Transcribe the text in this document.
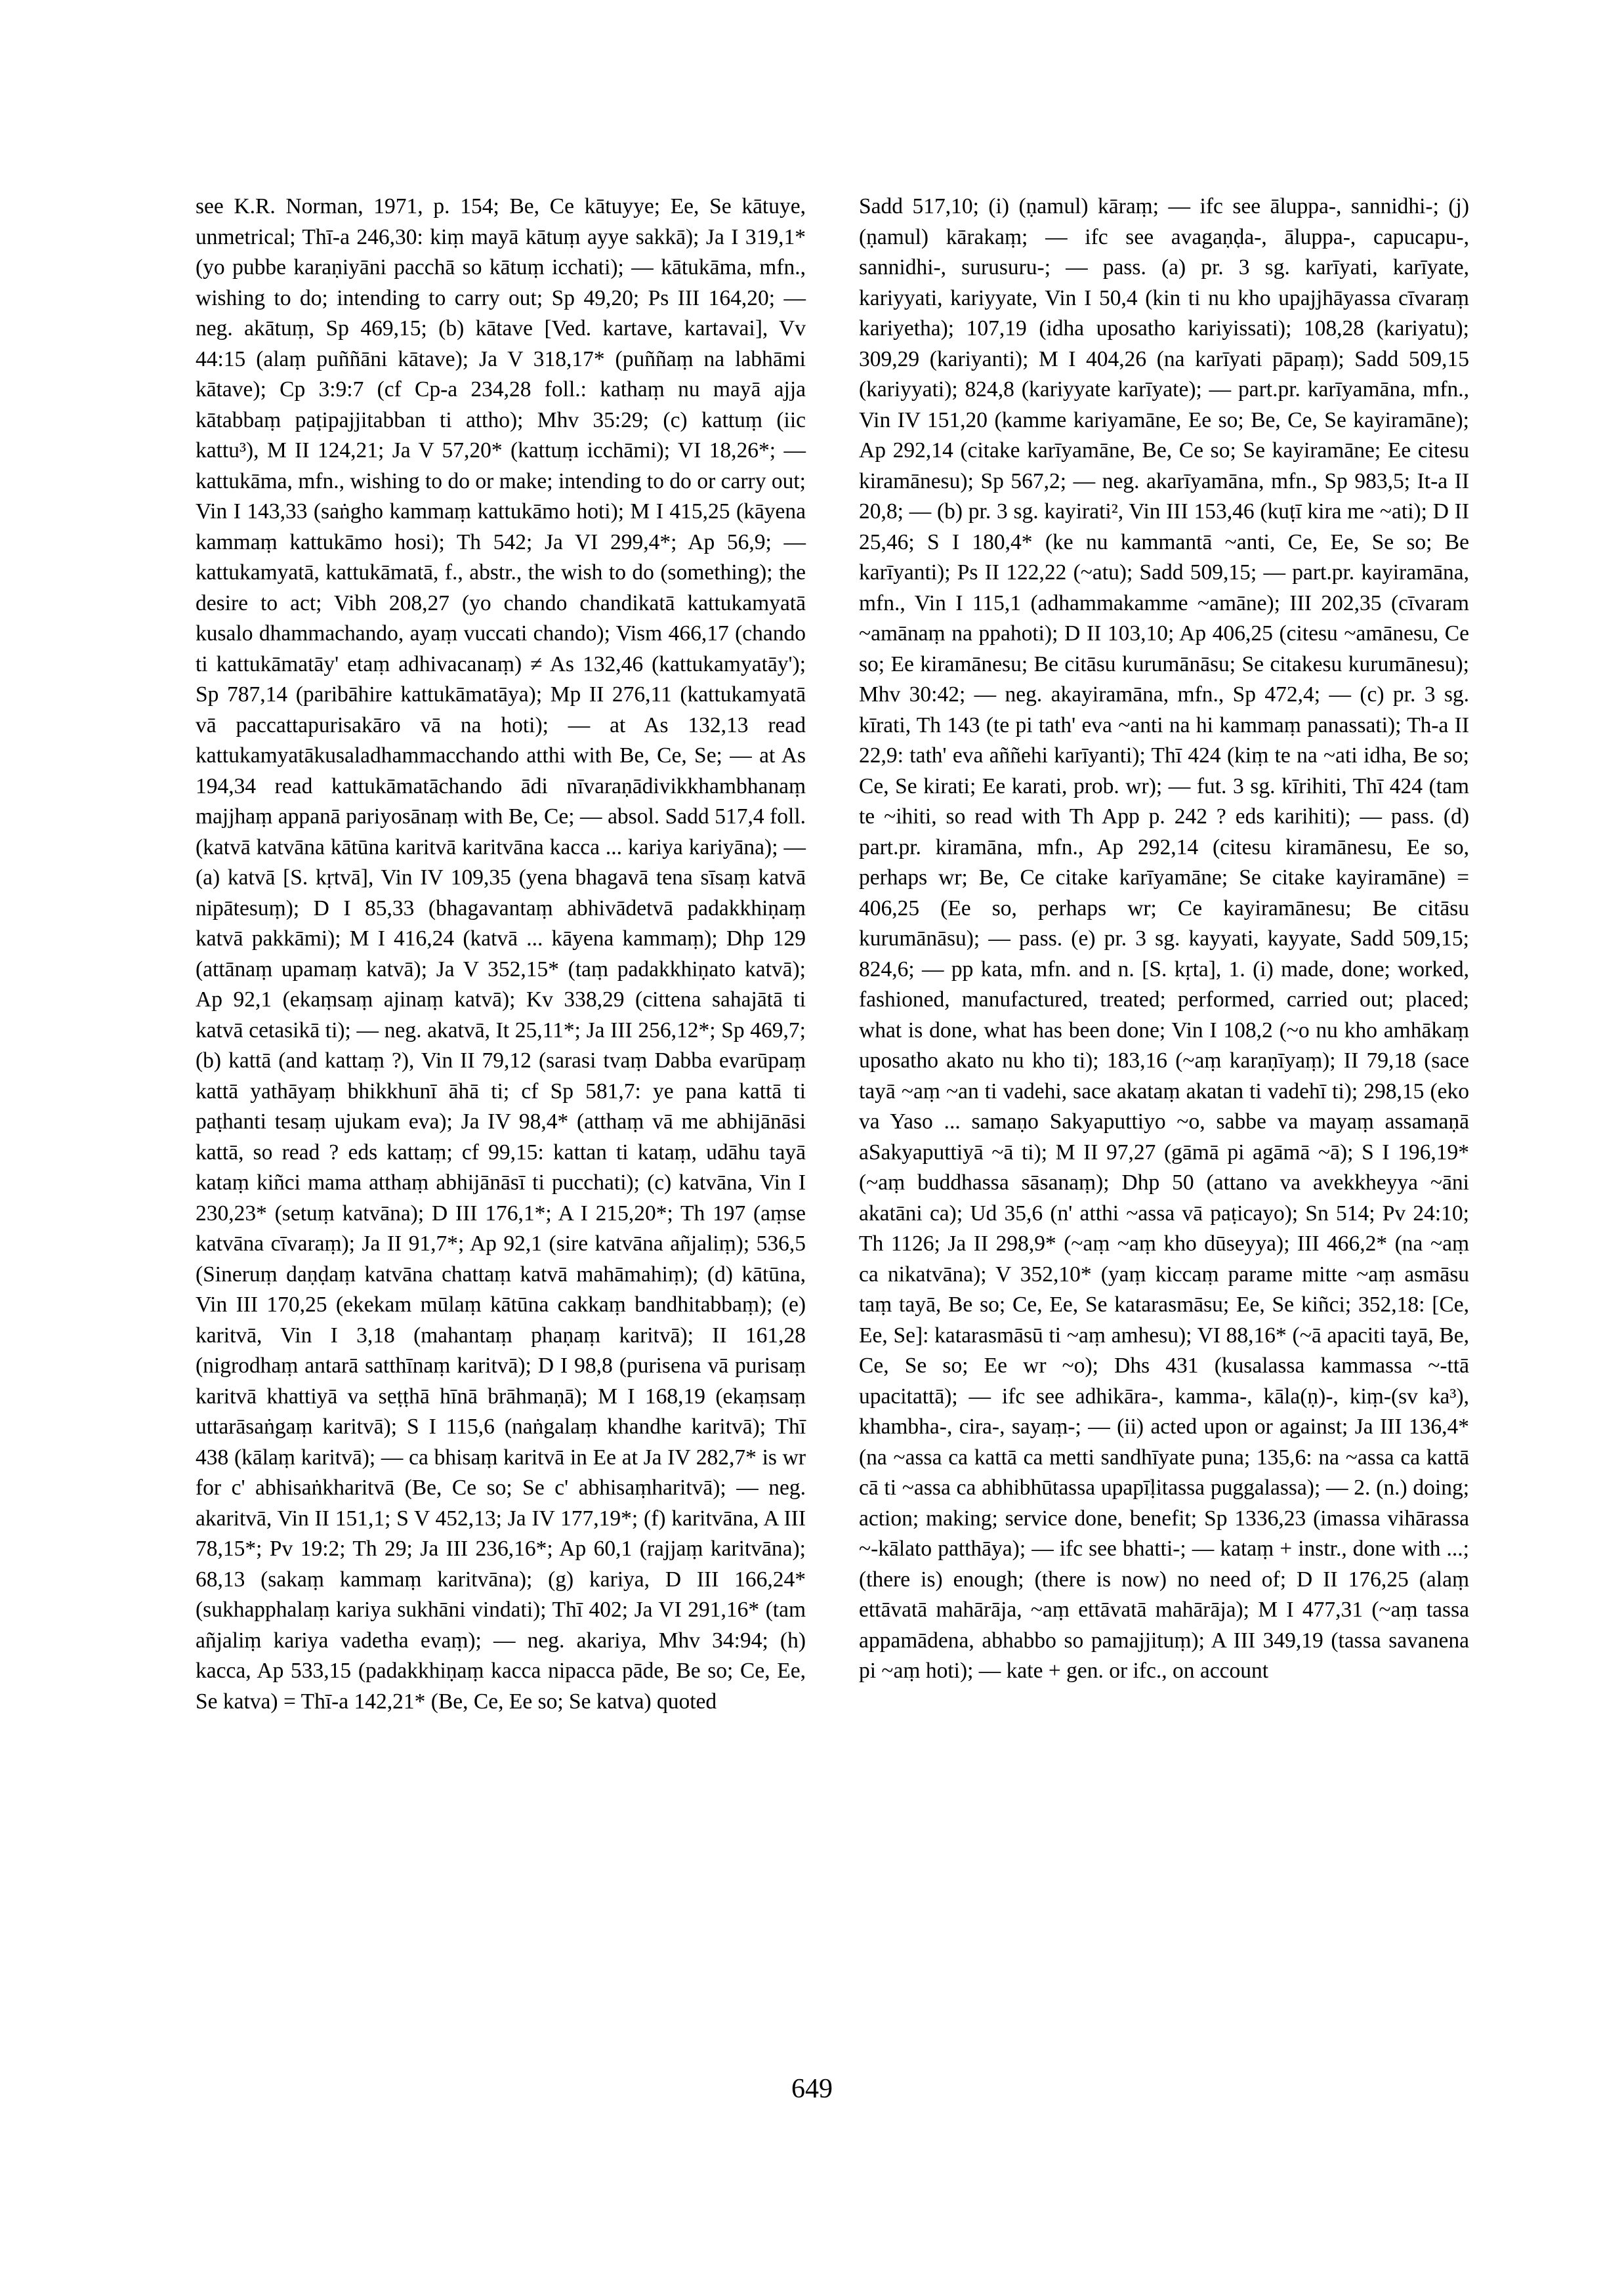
see K.R. Norman, 1971, p. 154; Be, Ce kātuyye; Ee, Se kātuye, unmetrical; Thī-a 246,30: kiṃ mayā kātuṃ ayye sakkā); Ja I 319,1* (yo pubbe karaṇiyāni pacchā so kātuṃ icchati); — kātukāma, mfn., wishing to do; intending to carry out; Sp 49,20; Ps III 164,20; — neg. akātuṃ, Sp 469,15; (b) kātave [Ved. kartave, kartavai], Vv 44:15 (alaṃ puññāni kātave); Ja V 318,17* (puññaṃ na labhāmi kātave); Cp 3:9:7 (cf Cp-a 234,28 foll.: kathaṃ nu mayā ajja kātabbaṃ paṭipajjitabban ti attho); Mhv 35:29; (c) kattuṃ (iic kattu³), M II 124,21; Ja V 57,20* (kattuṃ icchāmi); VI 18,26*; — kattukāma, mfn., wishing to do or make; intending to do or carry out; Vin I 143,33 (saṅgho kammaṃ kattukāmo hoti); M I 415,25 (kāyena kammaṃ kattukāmo hosi); Th 542; Ja VI 299,4*; Ap 56,9; — kattukamyatā, kattukāmatā, f., abstr., the wish to do (something); the desire to act; Vibh 208,27 (yo chando chandikatā kattukamyatā kusalo dhammachando, ayaṃ vuccati chando); Vism 466,17 (chando ti kattukāmatāy' etaṃ adhivacanaṃ) ≠ As 132,46 (kattukamyatāy'); Sp 787,14 (paribāhire kattukāmatāya); Mp II 276,11 (kattukamyatā vā paccattapurisakāro vā na hoti); — at As 132,13 read kattukamyatākusaladhammacchando atthi with Be, Ce, Se; — at As 194,34 read kattukāmatāchando ādi nīvaraṇādivikkhambhanaṃ majjhaṃ appanā pariyosānaṃ with Be, Ce; — absol. Sadd 517,4 foll. (katvā katvāna kātūna karitvā karitvāna kacca ... kariya kariyāna); — (a) katvā [S. kṛtvā], Vin IV 109,35 (yena bhagavā tena sīsaṃ katvā nipātesuṃ); D I 85,33 (bhagavantaṃ abhivādetvā padakkhiṇaṃ katvā pakkāmi); M I 416,24 (katvā ... kāyena kammaṃ); Dhp 129 (attānaṃ upamaṃ katvā); Ja V 352,15* (taṃ padakkhiṇato katvā); Ap 92,1 (ekaṃsaṃ ajinaṃ katvā); Kv 338,29 (cittena sahajātā ti katvā cetasikā ti); — neg. akatvā, It 25,11*; Ja III 256,12*; Sp 469,7; (b) kattā (and kattaṃ ?), Vin II 79,12 (sarasi tvaṃ Dabba evarūpaṃ kattā yathāyaṃ bhikkhunī āhā ti; cf Sp 581,7: ye pana kattā ti paṭhanti tesaṃ ujukam eva); Ja IV 98,4* (atthaṃ vā me abhijānāsi kattā, so read ? eds kattaṃ; cf 99,15: kattan ti kataṃ, udāhu tayā kataṃ kiñci mama atthaṃ abhijānāsī ti pucchati); (c) katvāna, Vin I 230,23* (setuṃ katvāna); D III 176,1*; A I 215,20*; Th 197 (aṃse katvāna cīvaraṃ); Ja II 91,7*; Ap 92,1 (sire katvāna añjaliṃ); 536,5 (Sineruṃ daṇḍaṃ katvāna chattaṃ katvā mahāmahiṃ); (d) kātūna, Vin III 170,25 (ekekam mūlaṃ kātūna cakkaṃ bandhitabbaṃ); (e) karitvā, Vin I 3,18 (mahantaṃ phaṇaṃ karitvā); II 161,28 (nigrodhaṃ antarā satthīnaṃ karitvā); D I 98,8 (purisena vā purisaṃ karitvā khattiyā va seṭṭhā hīnā brāhmaṇā); M I 168,19 (ekaṃsaṃ uttarāsaṅgaṃ karitvā); S I 115,6 (naṅgalaṃ khandhe karitvā); Thī 438 (kālaṃ karitvā); — ca bhisaṃ karitvā in Ee at Ja IV 282,7* is wr for c' abhisaṅkharitvā (Be, Ce so; Se c' abhisaṃharitvā); — neg. akaritvā, Vin II 151,1; S V 452,13; Ja IV 177,19*; (f) karitvāna, A III 78,15*; Pv 19:2; Th 29; Ja III 236,16*; Ap 60,1 (rajjaṃ karitvāna); 68,13 (sakaṃ kammaṃ karitvāna); (g) kariya, D III 166,24* (sukhapphalaṃ kariya sukhāni vindati); Thī 402; Ja VI 291,16* (tam añjaliṃ kariya vadetha evaṃ); — neg. akariya, Mhv 34:94; (h) kacca, Ap 533,15 (padakkhiṇaṃ kacca nipacca pāde, Be so; Ce, Ee, Se katva) = Thī-a 142,21* (Be, Ce, Ee so; Se katva) quoted

Sadd 517,10; (i) (ṇamul) kāraṃ; — ifc see āluppa-, sannidhi-; (j) (ṇamul) kārakaṃ; — ifc see avagaṇḍa-, āluppa-, capucapu-, sannidhi-, surusuru-; — pass. (a) pr. 3 sg. karīyati, karīyate, kariyyati, kariyyate, Vin I 50,4 (kin ti nu kho upajjhāyassa cīvaraṃ kariyetha); 107,19 (idha uposatho kariyissati); 108,28 (kariyatu); 309,29 (kariyanti); M I 404,26 (na karīyati pāpaṃ); Sadd 509,15 (kariyyati); 824,8 (kariyyate karīyate); — part.pr. karīyamāna, mfn., Vin IV 151,20 (kamme kariyamāne, Ee so; Be, Ce, Se kayiramāne); Ap 292,14 (citake karīyamāne, Be, Ce so; Se kayiramāne; Ee citesu kiramānesu); Sp 567,2; — neg. akarīyamāna, mfn., Sp 983,5; It-a II 20,8; — (b) pr. 3 sg. kayirati², Vin III 153,46 (kuṭī kira me ~ati); D II 25,46; S I 180,4* (ke nu kammantā ~anti, Ce, Ee, Se so; Be karīyanti); Ps II 122,22 (~atu); Sadd 509,15; — part.pr. kayiramāna, mfn., Vin I 115,1 (adhammakamme ~amāne); III 202,35 (cīvaram ~amānaṃ na ppahoti); D II 103,10; Ap 406,25 (citesu ~amānesu, Ce so; Ee kiramānesu; Be citāsu kurumānāsu; Se citakesu kurumānesu); Mhv 30:42; — neg. akayiramāna, mfn., Sp 472,4; — (c) pr. 3 sg. kīrati, Th 143 (te pi tath' eva ~anti na hi kammaṃ panassati); Th-a II 22,9: tath' eva aññehi karīyanti); Thī 424 (kiṃ te na ~ati idha, Be so; Ce, Se kirati; Ee karati, prob. wr); — fut. 3 sg. kīrihiti, Thī 424 (tam te ~ihiti, so read with Th App p. 242 ? eds karihiti); — pass. (d) part.pr. kiramāna, mfn., Ap 292,14 (citesu kiramānesu, Ee so, perhaps wr; Be, Ce citake karīyamāne; Se citake kayiramāne) = 406,25 (Ee so, perhaps wr; Ce kayiramānesu; Be citāsu kurumānāsu); — pass. (e) pr. 3 sg. kayyati, kayyate, Sadd 509,15; 824,6; — pp kata, mfn. and n. [S. kṛta], 1. (i) made, done; worked, fashioned, manufactured, treated; performed, carried out; placed; what is done, what has been done; Vin I 108,2 (~o nu kho amhākaṃ uposatho akato nu kho ti); 183,16 (~aṃ karaṇīyaṃ); II 79,18 (sace tayā ~aṃ ~an ti vadehi, sace akataṃ akatan ti vadehī ti); 298,15 (eko va Yaso ... samaṇo Sakyaputtiyo ~o, sabbe va mayaṃ assamaṇā aSakyaputtiyā ~ā ti); M II 97,27 (gāmā pi agāmā ~ā); S I 196,19* (~aṃ buddhassa sāsanaṃ); Dhp 50 (attano va avekkheyya ~āni akatāni ca); Ud 35,6 (n' atthi ~assa vā paṭicayo); Sn 514; Pv 24:10; Th 1126; Ja II 298,9* (~aṃ ~aṃ kho dūseyya); III 466,2* (na ~aṃ ca nikatvāna); V 352,10* (yaṃ kiccaṃ parame mitte ~aṃ asmāsu taṃ tayā, Be so; Ce, Ee, Se katarasmāsu; Ee, Se kiñci; 352,18: [Ce, Ee, Se]: katarasmāsū ti ~aṃ amhesu); VI 88,16* (~ā apaciti tayā, Be, Ce, Se so; Ee wr ~o); Dhs 431 (kusalassa kammassa ~-ttā upacitattā); — ifc see adhikāra-, kamma-, kāla(ṇ)-, kiṃ-(sv ka³), khambha-, cira-, sayaṃ-; — (ii) acted upon or against; Ja III 136,4* (na ~assa ca kattā ca metti sandhīyate puna; 135,6: na ~assa ca kattā cā ti ~assa ca abhibhūtassa upapīḷitassa puggalassa); — 2. (n.) doing; action; making; service done, benefit; Sp 1336,23 (imassa vihārassa ~-kālato patthāya); — ifc see bhatti-; — kataṃ + instr., done with ...; (there is) enough; (there is now) no need of; D II 176,25 (alaṃ ettāvatā mahārāja, ~aṃ ettāvatā mahārāja); M I 477,31 (~aṃ tassa appamādena, abhabbo so pamajjituṃ); A III 349,19 (tassa savanena pi ~aṃ hoti); — kate + gen. or ifc., on account

649
